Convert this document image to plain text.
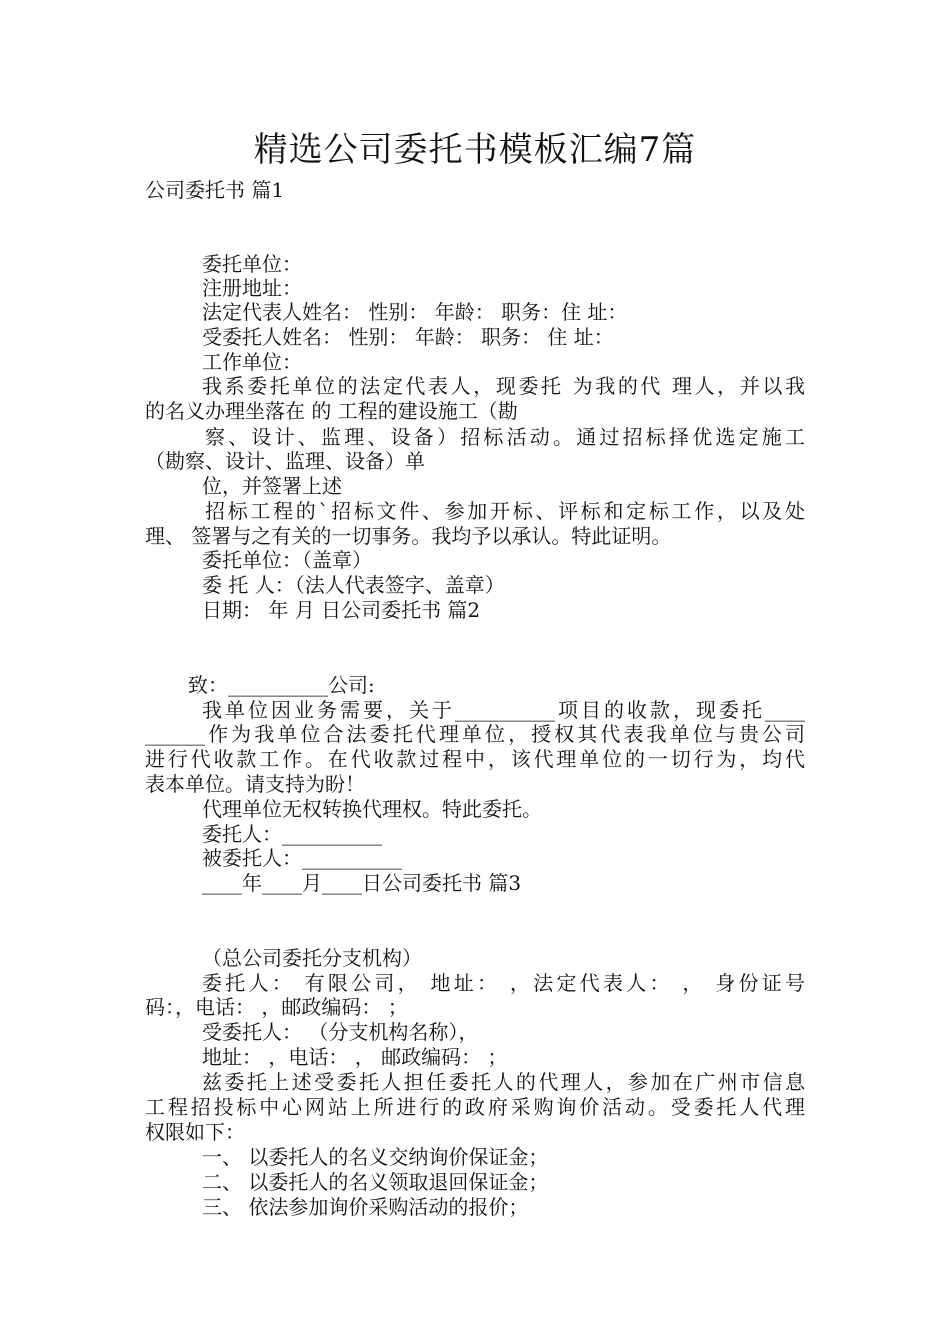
精选公司委托书模板汇编7篇

公司委托书 篇1

委托单位：

注册地址：

法定代表人姓名： 性别： 年龄： 职务：住 址：

受委托人姓名： 性别： 年龄： 职务： 住 址：

工作单位：

我系委托单位的法定代表人，现委托 为我的代 理人，并以我

的名义办理坐落在 的 工程的建设施工（勘

察、设计、监理、设备）招标活动。通过招标择优选定施工

（勘察、设计、监理、设备）单

位，并签署上述

招标工程的`招标文件、参加开标、评标和定标工作，以及处

理、 签署与之有关的一切事务。我均予以承认。特此证明。

委托单位：（盖章）

委 托 人：（法人代表签字、盖章）

日期： 年 月 日公司委托书 篇2

致：__________公司:

我单位因业务需要，关于__________项目的收款，现委托____

______作为我单位合法委托代理单位，授权其代表我单位与贵公司

进行代收款工作。在代收款过程中，该代理单位的一切行为，均代

表本单位。请支持为盼！

代理单位无权转换代理权。特此委托。

委托人：__________

被委托人：__________

____年____月____日公司委托书 篇3

（总公司委托分支机构）

委托人： 有限公司， 地址： ，法定代表人： ， 身份证号

码：，电话： ，邮政编码： ；

受委托人： （分支机构名称），

地址： ，电话： ， 邮政编码： ；

兹委托上述受委托人担任委托人的代理人，参加在广州市信息

工程招投标中心网站上所进行的政府采购询价活动。受委托人代理

权限如下：

一、 以委托人的名义交纳询价保证金；

二、 以委托人的名义领取退回保证金；

三、 依法参加询价采购活动的报价；
